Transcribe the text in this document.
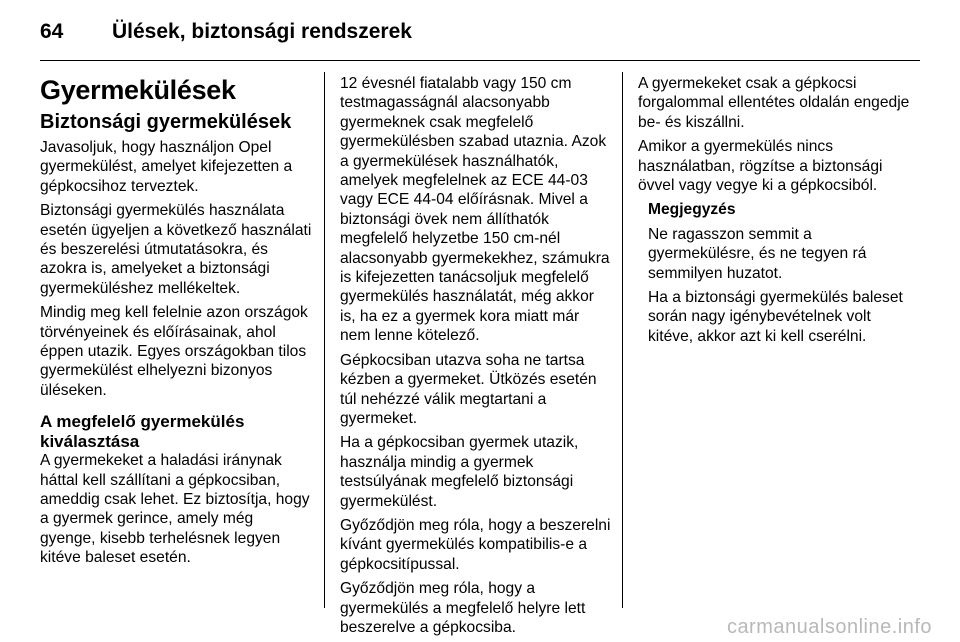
64 Ülések, biztonsági rendszerek
Gyermekülések
Biztonsági gyermekülések

Javasoljuk, hogy használjon Opel gyermekülést, amelyet kifejezetten a gépkocsihoz terveztek.

Biztonsági gyermekülés használata esetén ügyeljen a következő használati és beszerelési útmutatásokra, és azokra is, amelyeket a biztonsági gyermeküléshez mellékeltek.

Mindig meg kell felelnie azon országok törvényeinek és előírásainak, ahol éppen utazik. Egyes országokban tilos gyermekülést elhelyezni bizonyos üléseken.

A megfelelő gyermekülés kiválasztása

A gyermekeket a haladási iránynak háttal kell szállítani a gépkocsiban, ameddig csak lehet. Ez biztosítja, hogy a gyermek gerince, amely még gyenge, kisebb terhelésnek legyen kitéve baleset esetén.

12 évesnél fiatalabb vagy 150 cm testmagasságnál alacsonyabb gyermeknek csak megfelelő gyermekülésben szabad utaznia. Azok a gyermekülések használhatók, amelyek megfelelnek az ECE 44-03 vagy ECE 44-04 előírásnak. Mivel a biztonsági övek nem állíthatók megfelelő helyzetbe 150 cm-nél alacsonyabb gyermekekhez, számukra is kifejezetten tanácsoljuk megfelelő gyermekülés használatát, még akkor is, ha ez a gyermek kora miatt már nem lenne kötelező.

Gépkocsiban utazva soha ne tartsa kézben a gyermeket. Ütközés esetén túl nehézzé válik megtartani a gyermeket.

Ha a gépkocsiban gyermek utazik, használja mindig a gyermek testsúlyának megfelelő biztonsági gyermekülést.

Győződjön meg róla, hogy a beszerelni kívánt gyermekülés kompatibilis-e a gépkocsitípussal.

Győződjön meg róla, hogy a gyermekülés a megfelelő helyre lett beszerelve a gépkocsiba.

A gyermekeket csak a gépkocsi forgalommal ellentétes oldalán engedje be- és kiszállni.

Amikor a gyermekülés nincs használatban, rögzítse a biztonsági övvel vagy vegye ki a gépkocsiból.

Megjegyzés

Ne ragasszon semmit a gyermekülésre, és ne tegyen rá semmilyen huzatot.

Ha a biztonsági gyermekülés baleset során nagy igénybevételnek volt kitéve, akkor azt ki kell cserélni.

carmanualsonline.info
